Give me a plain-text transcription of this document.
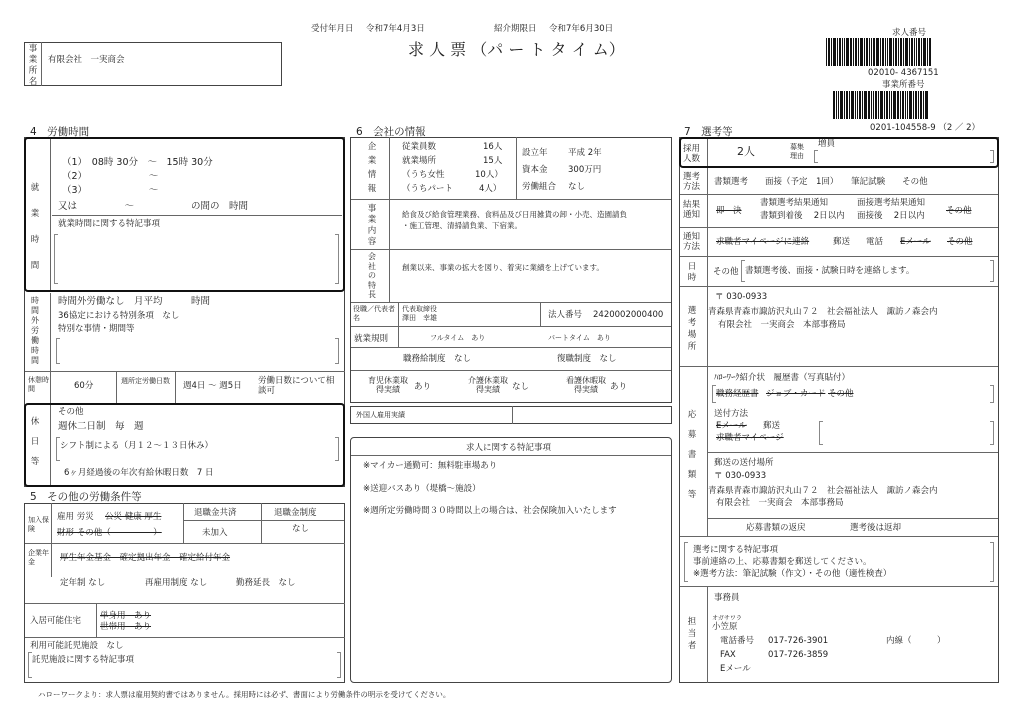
受付年月日 令和7年4月3日	紹介期限日 令和7年6月30日
求 人 票 （パ ー ト タ イ ム）
事業所名
有限会社　一実商会
求人番号
02010- 4367151
事業所番号
0201-104558-9 （2 ／ 2）
4　労働時間
就業時間
（1）　08時 30分　～　15時 30分
（2）　　　　　　　～
（3）　　　　　　　～
又は　　　　　～　　　　　　の間の　時間
就業時間に関する特記事項
時間外労働時間
時間外労働なし　月平均　　　時間
36協定における特別条項　なし
特別な事情・期間等
休憩時間	60分	週所定労働日数	週4日 ～ 週5日 労働日数について相談可
休日等
その他
週休二日制　毎　週
シフト制による（月１２～１３日休み）
6ヶ月経過後の年次有給休暇日数　7 日
5　その他の労働条件等
加入保険
雇用 労災 公災 健康 厚生
財形 その他（　　　　　）
退職金共済
未加入
退職金制度
なし
企業年金	厚生年金基金　確定拠出年金　確定給付年金
定年制 なし	再雇用制度 なし	勤務延長　なし
入居可能住宅 単身用　あり
世帯用　あり
利用可能託児施設　なし
託児施設に関する特記事項
6　会社の情報
企業情報
従業員数	16人
就業場所	15人
（うち女性	10人）
（うちパート	4人）
設立年 平成 2年
資本金 300万円
労働組合 なし
事業内容
給食及び給食管理業務、食料品及び日用雑貨の卸・小売、造園請負
・施工管理、清掃請負業、下宿業。
会社の特長
創業以来、事業の拡大を図り、着実に業績を上げています。
役職／代表者名
代表取締役
澤田　幸雄	法人番号 2420002000400
就業規則	フルタイム　あり	パートタイム　あり
職務給制度　なし	復職制度　なし
育児休業取得実績	あり
介護休業取得実績	なし
看護休暇取得実績	あり
外国人雇用実績
求人に関する特記事項
※マイカー通勤可：無料駐車場あり
※送迎バスあり（堤橋～施設）
※週所定労働時間３０時間以上の場合は、社会保険加入いたします
7　選考等
採用人数
2人	募集理由
増員
選考方法	書類選考　　面接（予定　1回）　　筆記試験　　その他
結果通知	即　決
書類選考結果通知
書類到着後　 2日以内
面接選考結果通知
面接後　 2日以内	その他
通知方法	求職者マイページに連絡	郵送 電話 Eメール その他
日時
その他 書類選考後、面接・試験日時を連絡します。
選考場所
〒 030-0933
青森県青森市諏訪沢丸山７２　社会福祉法人　諏訪ノ森会内
有限会社　一実商会　本部事務局
応募書類等
ﾊﾛｰﾜｰｸ紹介状　履歴書（写真貼付）
職務経歴書 ジョブ・カード その他
送付方法
Eメール 郵送
求職者マイページ
郵送の送付場所
〒 030-0933
青森県青森市諏訪沢丸山７２　社会福祉法人　諏訪ノ森会内
有限会社　一実商会　本部事務局
応募書類の返戻	選考後は返却
選考に関する特記事項
事前連絡の上、応募書類を郵送してください。
※選考方法：筆記試験（作文）・その他（適性検査）
担当者
事務員
オガサワラ
小笠原
電話番号 017-726-3901	内線（　　　）
FAX	017-726-3859
Eメール
ハローワークより：求人票は雇用契約書ではありません。採用時には必ず、書面により労働条件の明示を受けてください。
